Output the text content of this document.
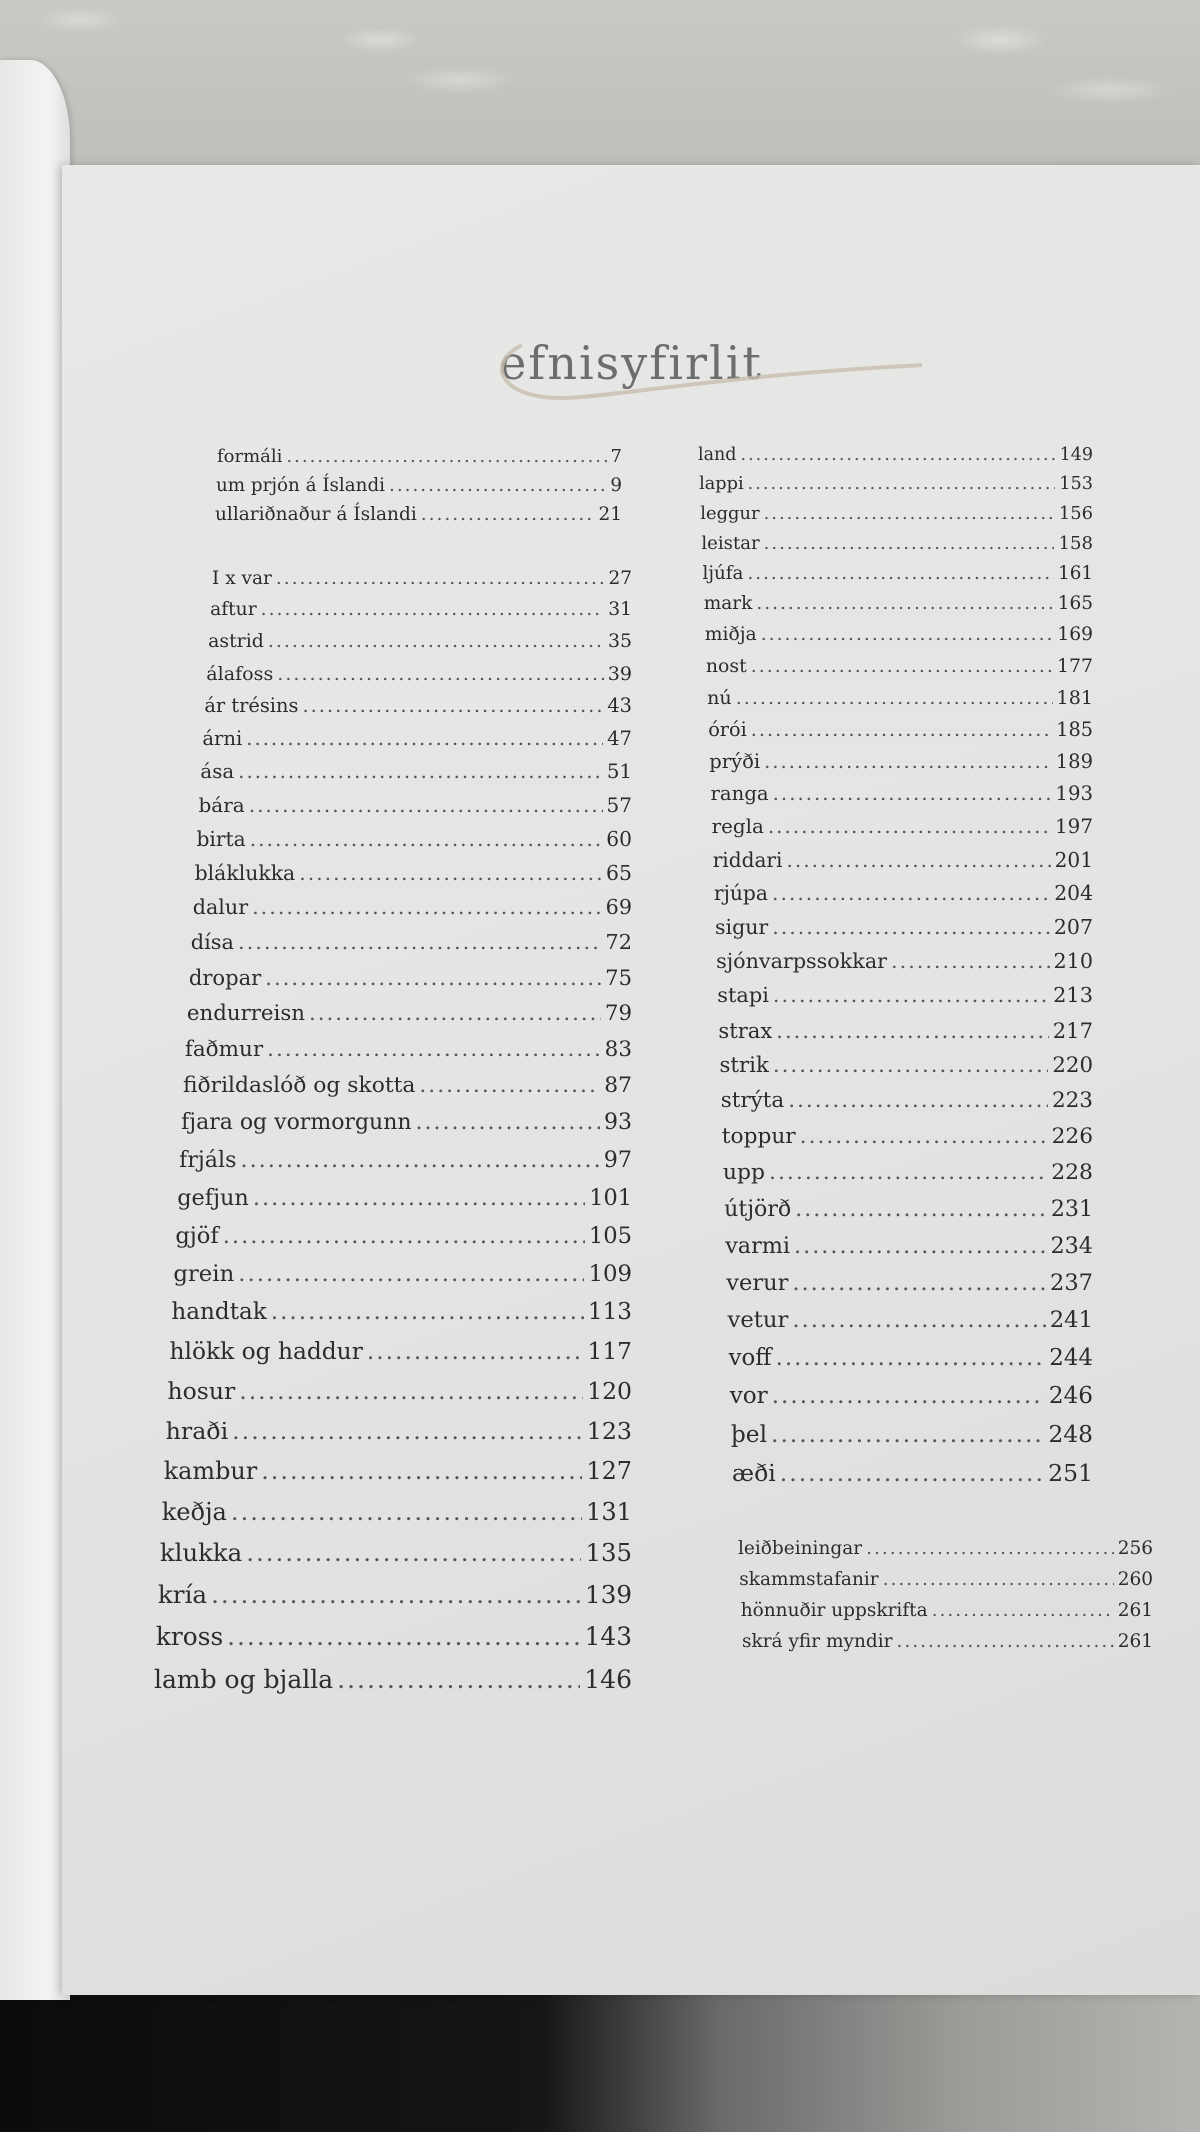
efnisyfirlit
formáli .....	7
um prjón á Íslandi .....	9
ullariðnaður á Íslandi .....	21
I x var .....	27
aftur .....	31
astrid .....	35
álafoss .....	39
ár trésins .....	43
árni .....	47
ása .....	51
bára .....	57
birta .....	60
bláklukka .....	65
dalur .....	69
dísa .....	72
dropar .....	75
endurreisn .....	79
faðmur .....	83
fiðrildaslóð og skotta .....	87
fjara og vormorgunn .....	93
frjáls .....	97
gefjun .....	101
gjöf .....	105
grein .....	109
handtak .....	113
hlökk og haddur .....	117
hosur .....	120
hraði .....	123
kambur .....	127
keðja .....	131
klukka .....	135
kría .....	139
kross .....	143
lamb og bjalla .....	146
land .....	149
lappi .....	153
leggur .....	156
leistar .....	158
ljúfa .....	161
mark .....	165
miðja .....	169
nost .....	177
nú .....	181
órói .....	185
prýði .....	189
ranga .....	193
regla .....	197
riddari .....	201
rjúpa .....	204
sigur .....	207
sjónvarpssokkar .....	210
stapi .....	213
strax .....	217
strik .....	220
strýta .....	223
toppur .....	226
upp .....	228
útjörð .....	231
varmi .....	234
verur .....	237
vetur .....	241
voff .....	244
vor .....	246
þel .....	248
æði .....	251
leiðbeiningar .....	256
skammstafanir .....	260
hönnuðir uppskrifta .....	261
skrá yfir myndir .....	261
